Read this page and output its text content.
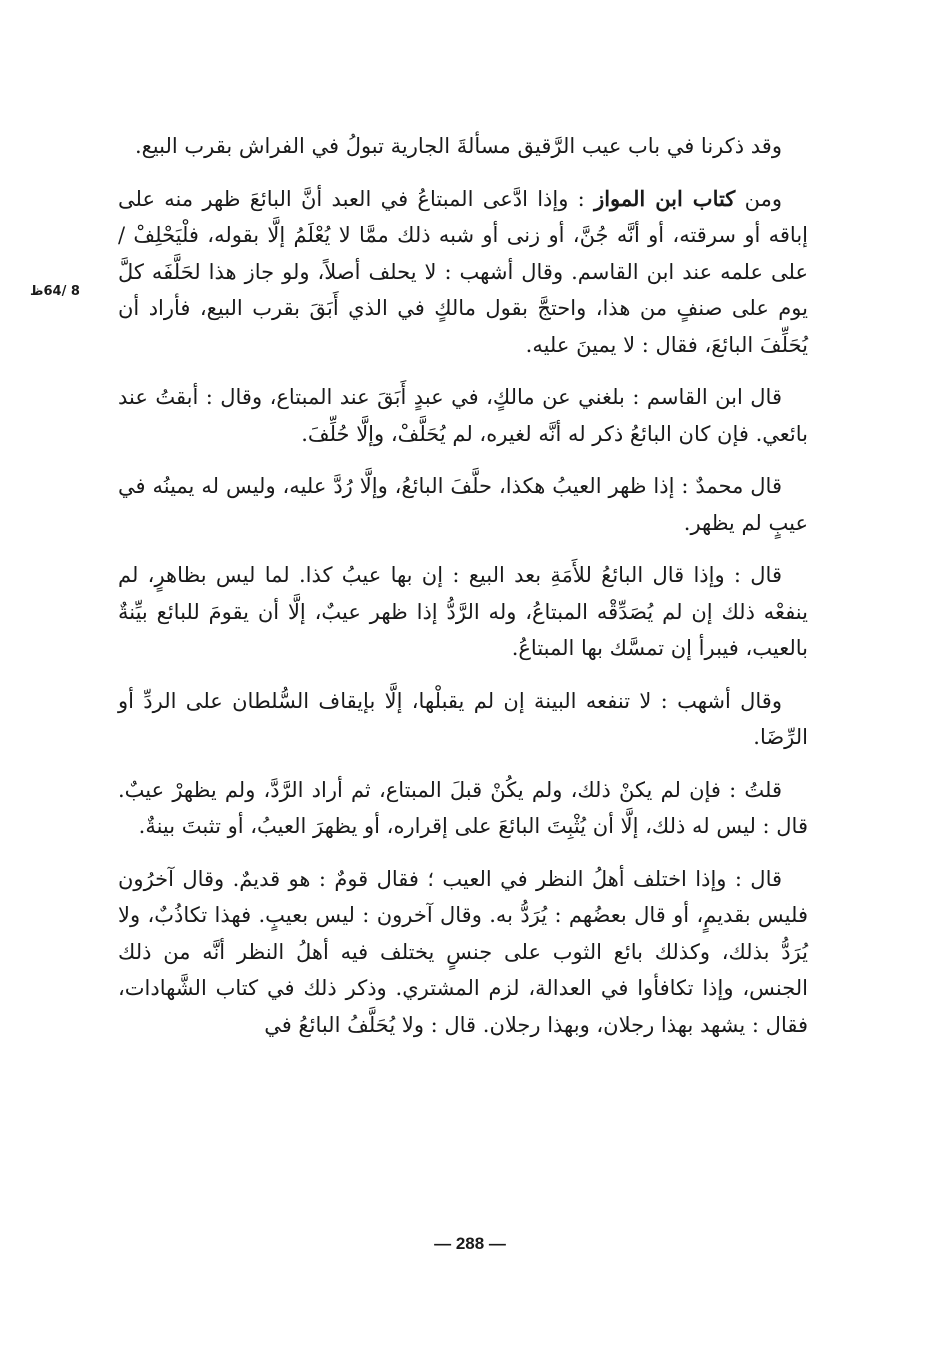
8 /64ظ

وقد ذكرنا في باب عيب الرَّقيق مسألةَ الجارية تبولُ في الفراش بقرب البيع.

ومن كتاب ابن المواز : وإذا ادَّعى المبتاعُ في العبد أنَّ البائعَ ظهر منه على إباقه أو سرقته، أو أنَّه جُنَّ، أو زنى أو شبه ذلك ممَّا لا يُعْلَمُ إلَّا بقوله، فلْيَحْلِفْ / على علمه عند ابن القاسم. وقال أشهب : لا يحلف أصلاً، ولو جاز هذا لحَلَّفَه كلَّ يوم على صنفٍ من هذا، واحتجَّ بقول مالكٍ في الذي أَبَقَ بقرب البيع، فأراد أن يُحَلِّفَ البائعَ، فقال : لا يمينَ عليه.

قال ابن القاسم : بلغني عن مالكٍ، في عبدٍ أَبَقَ عند المبتاع، وقال : أبقتُ عند بائعي. فإن كان البائعُ ذكر له أنَّه لغيره، لم يُحَلَّفْ، وإلَّا حُلِّفَ.

قال محمدٌ : إذا ظهر العيبُ هكذا، حلَّفَ البائعُ، وإلَّا رُدَّ عليه، وليس له يمينُه في عيبٍ لم يظهر.

قال : وإذا قال البائعُ للأَمَةِ بعد البيع : إن بها عيبُ كذا. لما ليس بظاهرٍ، لم ينفعْه ذلك إن لم يُصَدِّقْه المبتاعُ، وله الرَّدُّ إذا ظهر عيبٌ، إلَّا أن يقومَ للبائع بيِّنةٌ بالعيب، فيبرأ إن تمسَّك بها المبتاعُ.

وقال أشهب : لا تنفعه البينة إن لم يقبلْها، إلَّا بإيقاف السُّلطان على الردِّ أو الرِّضَا.

قلتُ : فإن لم يكنْ ذلك، ولم يكُنْ قبلَ المبتاع، ثم أراد الرَّدَّ، ولم يظهرْ عيبٌ. قال : ليس له ذلك، إلَّا أن يُثْبِتَ البائعَ على إقراره، أو يظهرَ العيبُ، أو تثبتَ بينةٌ.

قال : وإذا اختلف أهلُ النظر في العيب ؛ فقال قومٌ : هو قديمٌ. وقال آخرُون فليس بقديمٍ، أو قال بعضُهم : يُرَدُّ به. وقال آخرون : ليس بعيبٍ. فهذا تكاذُبٌ، ولا يُرَدُّ بذلك، وكذلك بائع الثوب على جنسٍ يختلف فيه أهلُ النظر أنَّه من ذلك الجنس، وإذا تكافأوا في العدالة، لزم المشتري. وذكر ذلك في كتاب الشَّهادات، فقال : يشهد بهذا رجلان، وبهذا رجلان. قال : ولا يُحَلَّفُ البائعُ في

— 288 —
